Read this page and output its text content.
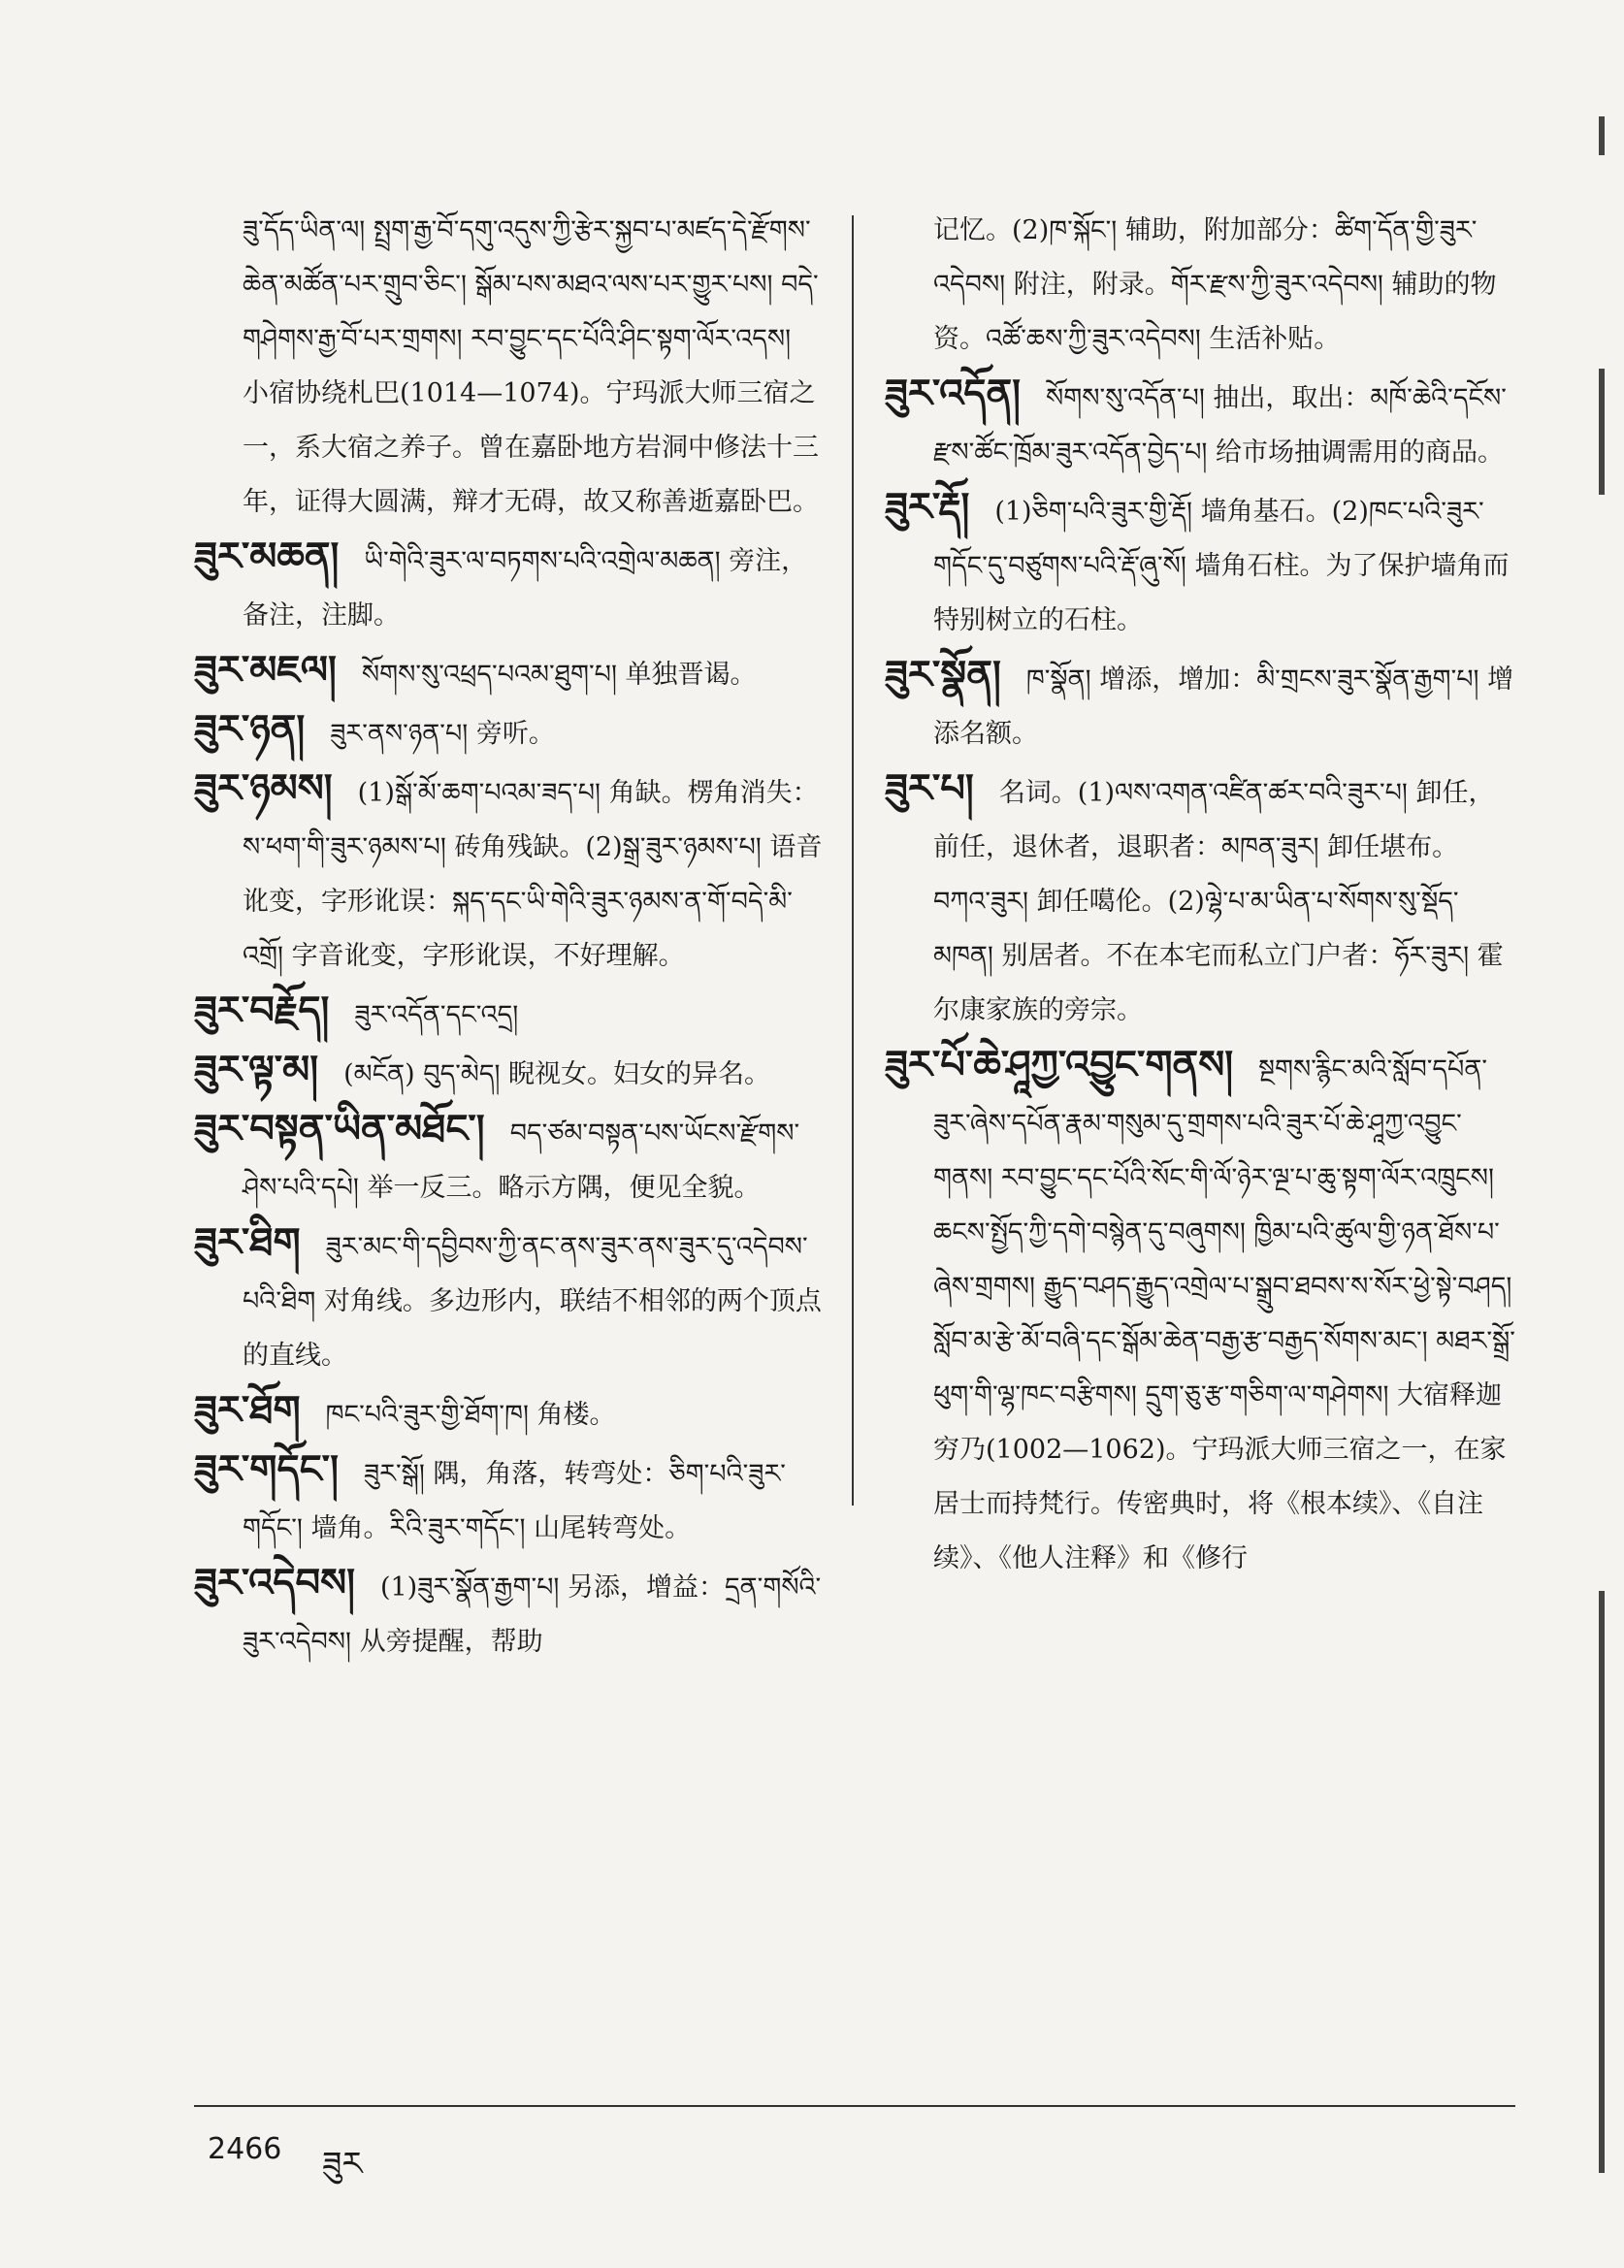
ཟུ་དོད་ཡིན་ལ། སྤྲག་རྒྱ་བོ་དགུ་འདུས་ཀྱི་རྩེར་སྐྱབ་པ་མཛད་དེ་རྫོགས་ཆེན་མཚོན་པར་གྲུབ་ཅིང་། སྒོམ་པས་མཐའ་ལས་པར་གྱུར་པས། བདེ་གཤེགས་རྒྱ་བོ་པར་གྲགས། རབ་བྱུང་དང་པོའི་ཤིང་སྟག་ལོར་འདས། 小宿协绕札巴(1014—1074)。宁玛派大师三宿之一，系大宿之养子。曾在嘉卧地方岩洞中修法十三年，证得大圆满，辩才无碍，故又称善逝嘉卧巴。
ཟུར་མཆན། ཡི་གེའི་ཟུར་ལ་བཏགས་པའི་འགྲེལ་མཆན། 旁注，备注，注脚。
ཟུར་མཇལ། སོགས་སུ་འཕྲད་པའམ་ཐུག་པ། 单独晋谒。
ཟུར་ཉན། ཟུར་ནས་ཉན་པ། 旁听。
ཟུར་ཉམས། (1)སྒོ་མོ་ཆག་པའམ་ཟད་པ། 角缺。楞角消失：ས་ཕག་གི་ཟུར་ཉམས་པ། 砖角残缺。(2)སྒྲ་ཟུར་ཉམས་པ། 语音讹变，字形讹误：སྐད་དང་ཡི་གེའི་ཟུར་ཉམས་ན་གོ་བདེ་མི་འགྲོ། 字音讹变，字形讹误，不好理解。
ཟུར་བརྗོད། ཟུར་འདོན་དང་འདྲ།
ཟུར་ལྟ་མ། (མངོན) བུད་མེད། 睨视女。妇女的异名。
ཟུར་བསྟན་ཡིན་མཐོང་། བད་ཙམ་བསྟན་པས་ཡོངས་རྫོགས་ཤེས་པའི་དཔེ། 举一反三。略示方隅，便见全貌。
ཟུར་ཐིག ཟུར་མང་གི་དབྱིབས་ཀྱི་ནང་ནས་ཟུར་ནས་ཟུར་དུ་འདེབས་པའི་ཐིག 对角线。多边形内，联结不相邻的两个顶点的直线。
ཟུར་ཐོག ཁང་པའི་ཟུར་གྱི་ཐོག་ཁ། 角楼。
ཟུར་གདོང་། ཟུར་སྒོ། 隅，角落，转弯处：ཅིག་པའི་ཟུར་གདོང་། 墙角。རིའི་ཟུར་གདོང་། 山尾转弯处。
ཟུར་འདེབས། (1)ཟུར་སྣོན་རྒྱག་པ། 另添，增益：དྲན་གསོའི་ཟུར་འདེབས། 从旁提醒，帮助
记忆。(2)ཁ་སྐོང་། 辅助，附加部分：ཚིག་དོན་གྱི་ཟུར་འདེབས། 附注，附录。གོར་རྫས་ཀྱི་ཟུར་འདེབས། 辅助的物资。འཚོ་ཆས་ཀྱི་ཟུར་འདེབས། 生活补贴。
ཟུར་འདོན། སོགས་སུ་འདོན་པ། 抽出，取出：མཁོ་ཆེའི་དངོས་རྫས་ཚོང་ཁྲོམ་ཟུར་འདོན་བྱེད་པ། 给市场抽调需用的商品。
ཟུར་རྡོ། (1)ཅིག་པའི་ཟུར་གྱི་རྡོ། 墙角基石。(2)ཁང་པའི་ཟུར་གདོང་དུ་བཙུགས་པའི་རྡོ་ཞུ་སོ། 墙角石柱。为了保护墙角而特别树立的石柱。
ཟུར་སྣོན། ཁ་སྣོན། 增添，增加：མི་གྲངས་ཟུར་སྣོན་རྒྱག་པ། 增添名额。
ཟུར་པ། 名词。(1)ལས་འགན་འཛིན་ཚར་བའི་ཟུར་པ། 卸任，前任，退休者，退职者：མཁན་ཟུར། 卸任堪布。བཀའ་ཟུར། 卸任噶伦。(2)ལྷེ་པ་མ་ཡིན་པ་སོགས་སུ་སྡོད་མཁན། 别居者。不在本宅而私立门户者：ཧོར་ཟུར། 霍尔康家族的旁宗。
ཟུར་པོ་ཆེ་ཤཱཀྱ་འབྱུང་གནས། སྔགས་རྙིང་མའི་སློབ་དཔོན་ཟུར་ཞེས་དཔོན་རྣམ་གསུམ་དུ་གྲགས་པའི་ཟུར་པོ་ཆེ་ཤཱཀྱ་འབྱུང་གནས། རབ་བྱུང་དང་པོའི་སོང་གི་ལོ་ཉེར་ལྔ་པ་ཆུ་སྟག་ལོར་འཁྲུངས། ཆངས་སྤྱོད་ཀྱི་དགེ་བསྙེན་དུ་བཞུགས། ཁྱིམ་པའི་ཚུལ་གྱི་ཉན་ཐོས་པ་ཞེས་གྲགས། རྒྱུད་བཤད་རྒྱུད་འགྲེལ་པ་སྒྲུབ་ཐབས་ས་སོར་ཕྱེ་སྟེ་བཤད། སློབ་མ་རྩེ་མོ་བཞི་དང་སྒོམ་ཆེན་བརྒྱ་རྩ་བརྒྱད་སོགས་མང་། མཐར་སྒྲོ་ཕུག་གི་ལྷ་ཁང་བརྩིགས། དྲུག་ཅུ་རྩ་གཅིག་ལ་གཤེགས། 大宿释迦穷乃(1002—1062)。宁玛派大师三宿之一，在家居士而持梵行。传密典时，将《根本续》、《自注续》、《他人注释》和《修行
2466 ཟུར
